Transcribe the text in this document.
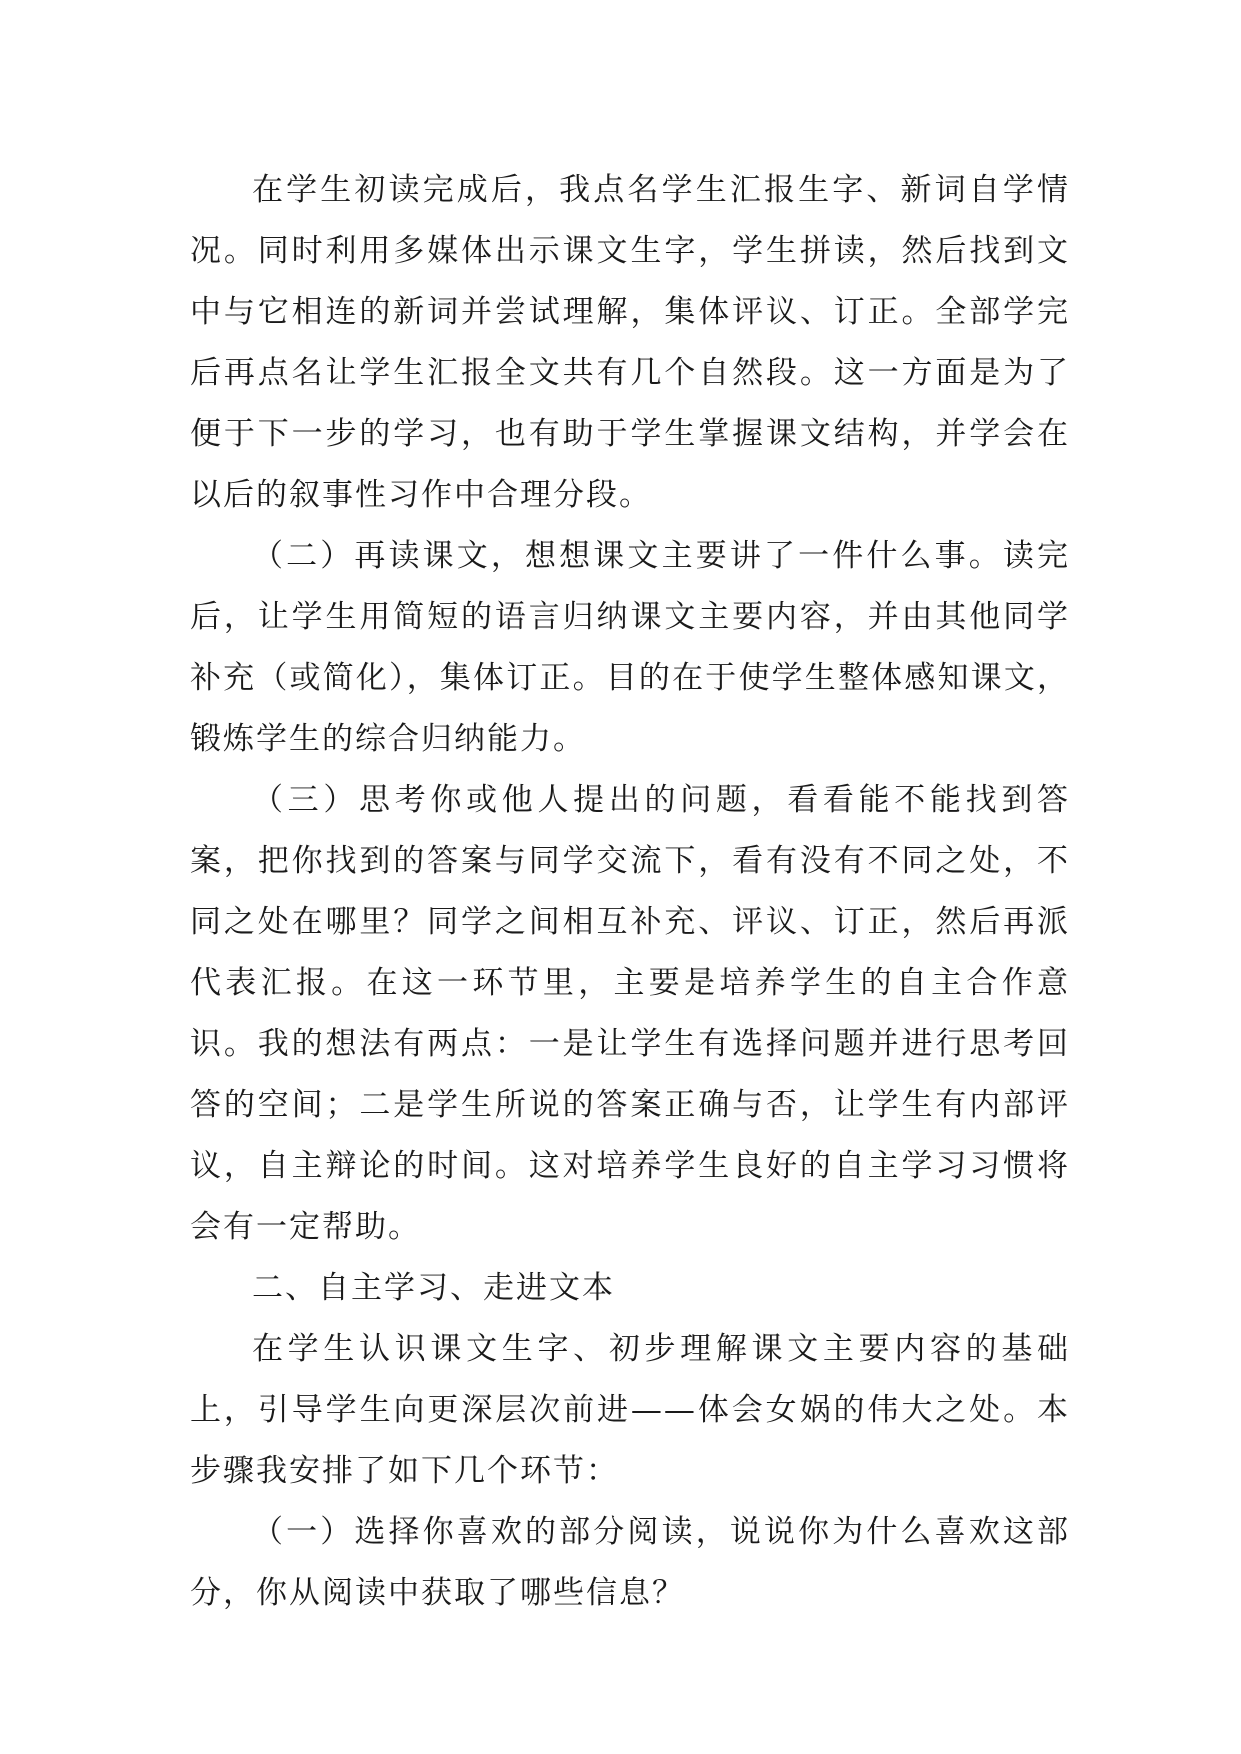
在学生初读完成后，我点名学生汇报生字、新词自学情况。同时利用多媒体出示课文生字，学生拼读，然后找到文中与它相连的新词并尝试理解，集体评议、订正。全部学完后再点名让学生汇报全文共有几个自然段。这一方面是为了便于下一步的学习，也有助于学生掌握课文结构，并学会在以后的叙事性习作中合理分段。

（二）再读课文，想想课文主要讲了一件什么事。读完后，让学生用简短的语言归纳课文主要内容，并由其他同学补充（或简化），集体订正。目的在于使学生整体感知课文，锻炼学生的综合归纳能力。

（三）思考你或他人提出的问题，看看能不能找到答案，把你找到的答案与同学交流下，看有没有不同之处，不同之处在哪里？同学之间相互补充、评议、订正，然后再派代表汇报。在这一环节里，主要是培养学生的自主合作意识。我的想法有两点：一是让学生有选择问题并进行思考回答的空间；二是学生所说的答案正确与否，让学生有内部评议，自主辩论的时间。这对培养学生良好的自主学习习惯将会有一定帮助。

二、自主学习、走进文本

在学生认识课文生字、初步理解课文主要内容的基础上，引导学生向更深层次前进——体会女娲的伟大之处。本步骤我安排了如下几个环节：

（一）选择你喜欢的部分阅读，说说你为什么喜欢这部分，你从阅读中获取了哪些信息？
